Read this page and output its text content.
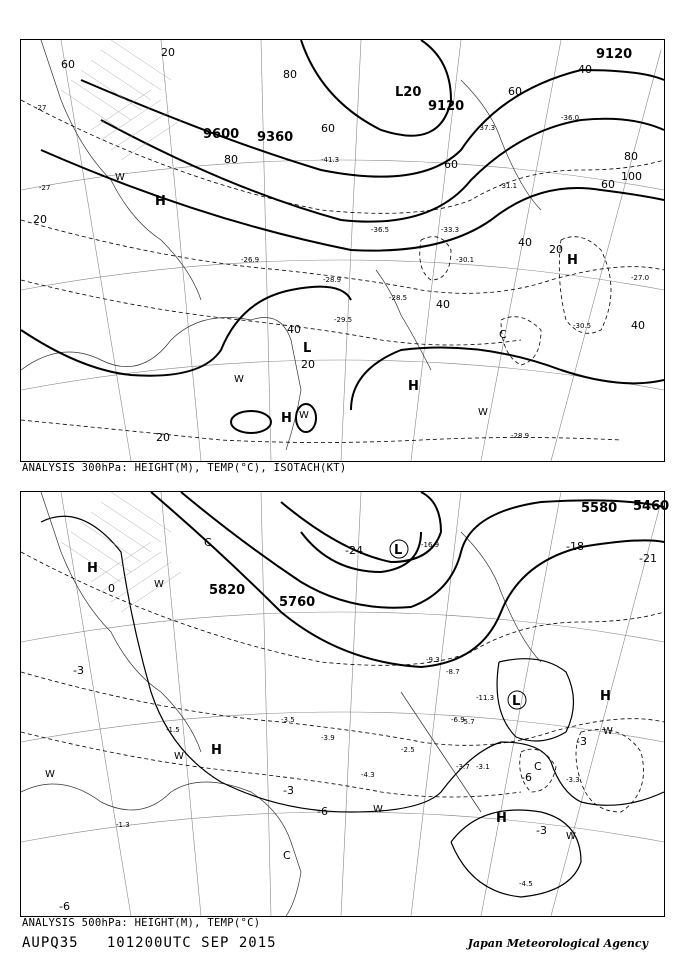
9120
9120
9600 9360
20
20
20
20
20
40
40
40
40
40
60
60
60
60
60
80
80	80
100
H
H
H
H
L
L20
C
W
W
W
W
-27
-27
-28.5
-29.5
-30.1
-33.3
-36.5
-41.3
-36.0
-37.3
-31.1
-28.9
-30.5
-26.9
-28.9	-27.0
ANALYSIS 300hPa: HEIGHT(M), TEMP(°C), ISOTACH(KT)
5580 5460
5820
5760
-3
-3
-3
-3
-6
-6
-6
0
-18
-21
-24
H
H
H
H
L
L
C
C
C
W
W
W
W
W
W
-11.3
-5.7
-3.3
-3.1
-3.7
-6.9
-8.7
-9.3
-4.3
-2.5
-4.5
-1.3
-3.5
-3.9
-1.5
-16.9
ANALYSIS 500hPa: HEIGHT(M), TEMP(°C)
AUPQ35 101200UTC SEP 2015	Japan Meteorological Agency
